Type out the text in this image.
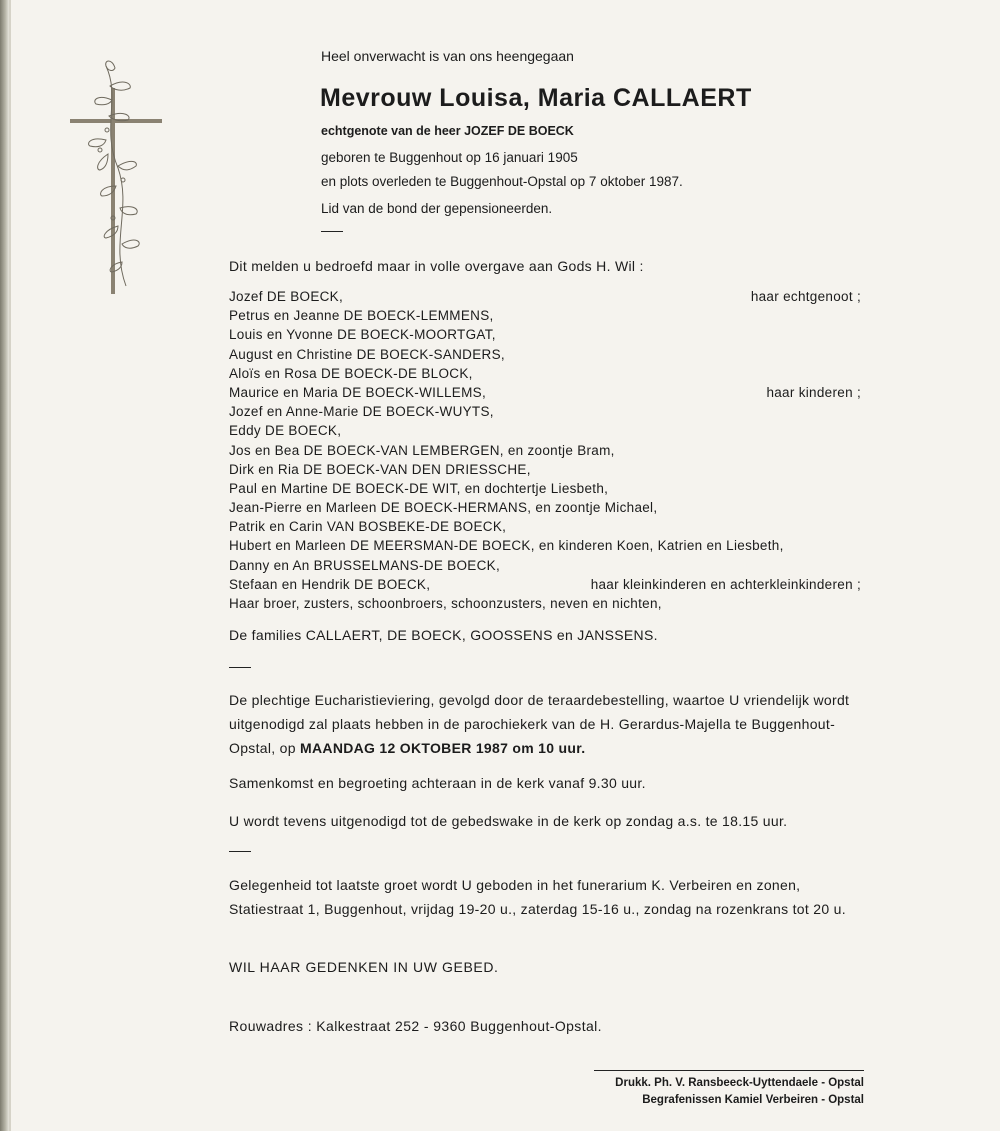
Heel onverwacht is van ons heengegaan
Mevrouw Louisa, Maria CALLAERT
echtgenote van de heer JOZEF DE BOECK
geboren te Buggenhout op 16 januari 1905
en plots overleden te Buggenhout-Opstal op 7 oktober 1987.
Lid van de bond der gepensioneerden.
Dit melden u bedroefd maar in volle overgave aan Gods H. Wil :
Jozef DE BOECK,	haar echtgenoot ;
Petrus en Jeanne DE BOECK-LEMMENS,
Louis en Yvonne DE BOECK-MOORTGAT,
August en Christine DE BOECK-SANDERS,
Aloïs en Rosa DE BOECK-DE BLOCK,
Maurice en Maria DE BOECK-WILLEMS,	haar kinderen ;
Jozef en Anne-Marie DE BOECK-WUYTS,
Eddy DE BOECK,
Jos en Bea DE BOECK-VAN LEMBERGEN, en zoontje Bram,
Dirk en Ria DE BOECK-VAN DEN DRIESSCHE,
Paul en Martine DE BOECK-DE WIT, en dochtertje Liesbeth,
Jean-Pierre en Marleen DE BOECK-HERMANS, en zoontje Michael,
Patrik en Carin VAN BOSBEKE-DE BOECK,
Hubert en Marleen DE MEERSMAN-DE BOECK, en kinderen Koen, Katrien en Liesbeth,
Danny en An BRUSSELMANS-DE BOECK,
Stefaan en Hendrik DE BOECK,	haar kleinkinderen en achterkleinkinderen ;
Haar broer, zusters, schoonbroers, schoonzusters, neven en nichten,
De families CALLAERT, DE BOECK, GOOSSENS en JANSSENS.
De plechtige Eucharistieviering, gevolgd door de teraardebestelling, waartoe U vriendelijk wordt uitgenodigd zal plaats hebben in de parochiekerk van de H. Gerardus-Majella te Buggenhout-Opstal, op MAANDAG 12 OKTOBER 1987 om 10 uur.
Samenkomst en begroeting achteraan in de kerk vanaf 9.30 uur.
U wordt tevens uitgenodigd tot de gebedswake in de kerk op zondag a.s. te 18.15 uur.
Gelegenheid tot laatste groet wordt U geboden in het funerarium K. Verbeiren en zonen, Statiestraat 1, Buggenhout, vrijdag 19-20 u., zaterdag 15-16 u., zondag na rozenkrans tot 20 u.
WIL HAAR GEDENKEN IN UW GEBED.
Rouwadres : Kalkestraat 252 - 9360 Buggenhout-Opstal.
Drukk. Ph. V. Ransbeeck-Uyttendaele - Opstal
Begrafenissen Kamiel Verbeiren - Opstal
